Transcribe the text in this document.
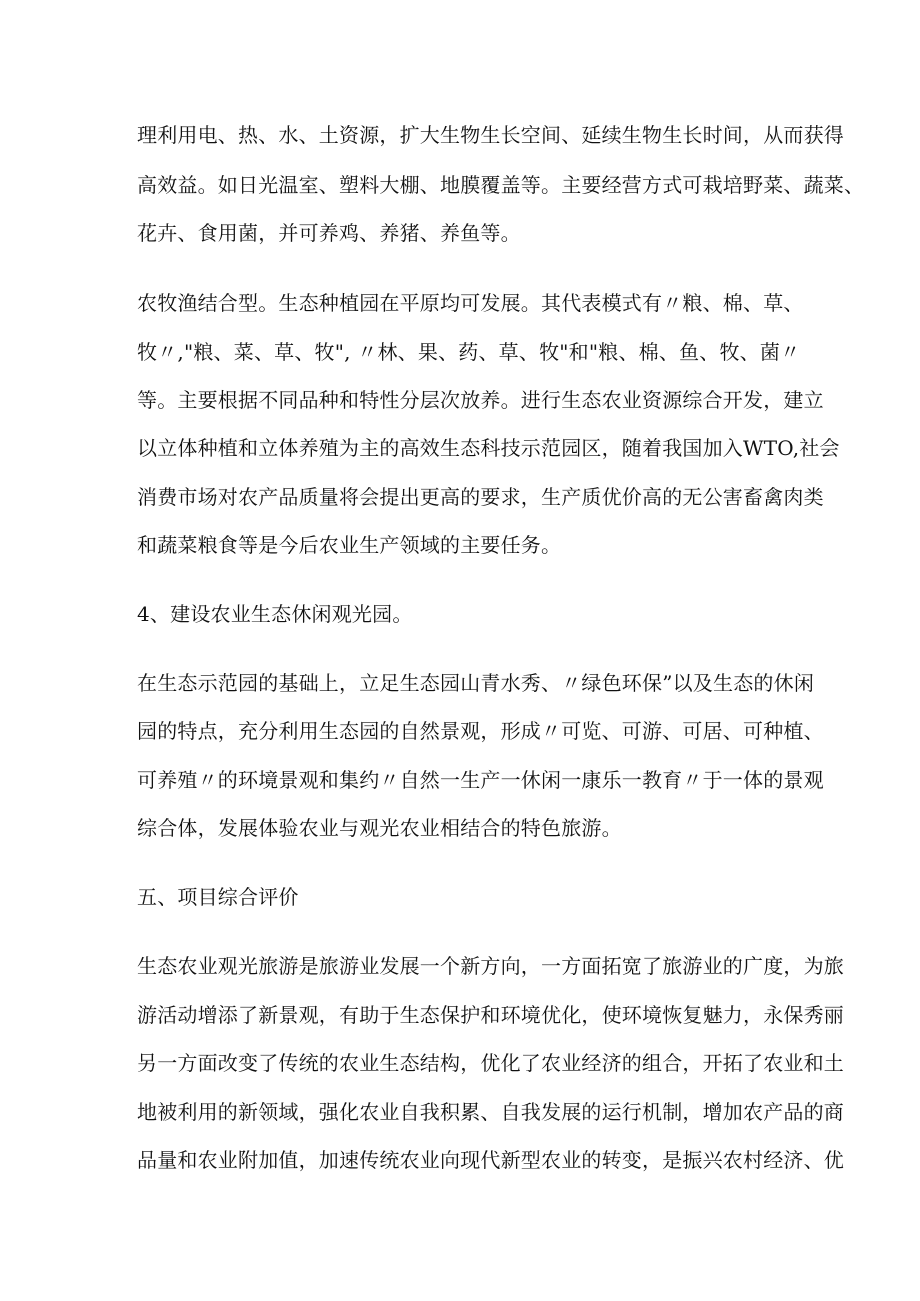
理利用电、热、水、土资源，扩大生物生长空间、延续生物生长时间，从而获得
高效益。如日光温室、塑料大棚、地膜覆盖等。主要经营方式可栽培野菜、蔬菜、
花卉、食用菌，并可养鸡、养猪、养鱼等。
农牧渔结合型。生态种植园在平原均可发展。其代表模式有〃粮、棉、草、
牧〃,"粮、菜、草、牧", 〃林、果、药、草、牧"和"粮、棉、鱼、牧、菌〃
等。主要根据不同品种和特性分层次放养。进行生态农业资源综合开发，建立
以立体种植和立体养殖为主的高效生态科技示范园区，随着我国加入WTO,社会
消费市场对农产品质量将会提出更高的要求，生产质优价高的无公害畜禽肉类
和蔬菜粮食等是今后农业生产领域的主要任务。
4、建设农业生态休闲观光园。
在生态示范园的基础上，立足生态园山青水秀、〃绿色环保”以及生态的休闲
园的特点，充分利用生态园的自然景观，形成〃可览、可游、可居、可种植、
可养殖〃的环境景观和集约〃自然一生产一休闲一康乐一教育〃于一体的景观
综合体，发展体验农业与观光农业相结合的特色旅游。
五、项目综合评价
生态农业观光旅游是旅游业发展一个新方向，一方面拓宽了旅游业的广度，为旅
游活动增添了新景观，有助于生态保护和环境优化，使环境恢复魅力，永保秀丽
另一方面改变了传统的农业生态结构，优化了农业经济的组合，开拓了农业和土
地被利用的新领域，强化农业自我积累、自我发展的运行机制，增加农产品的商
品量和农业附加值，加速传统农业向现代新型农业的转变，是振兴农村经济、优
